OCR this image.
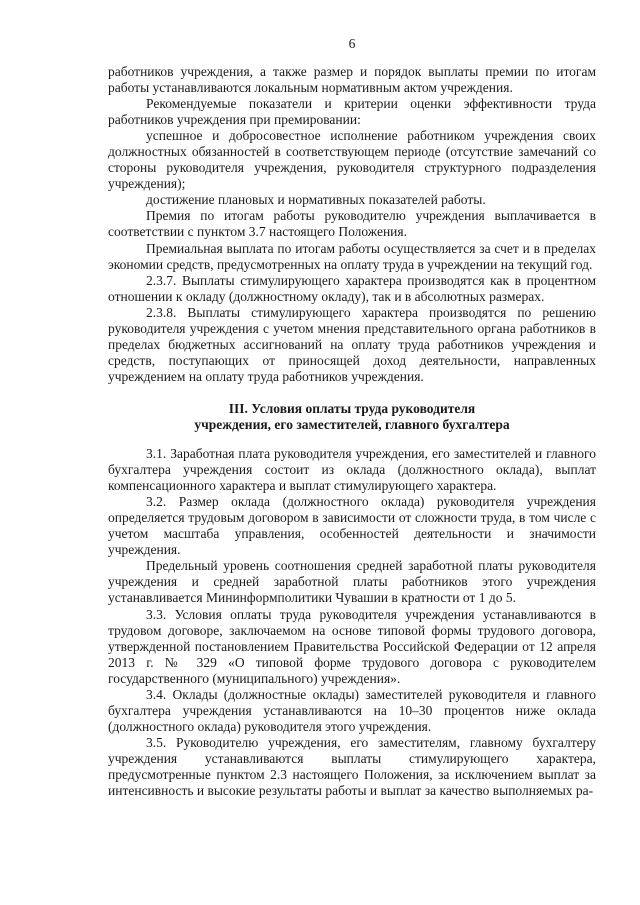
6

работников учреждения, а также размер и порядок выплаты премии по итогам работы устанавливаются локальным нормативным актом учреждения.

Рекомендуемые показатели и критерии оценки эффективности труда работников учреждения при премировании:

успешное и добросовестное исполнение работником учреждения своих должностных обязанностей в соответствующем периоде (отсутствие замечаний со стороны руководителя учреждения, руководителя структурного подразделения учреждения);

достижение плановых и нормативных показателей работы.

Премия по итогам работы руководителю учреждения выплачивается в соответствии с пунктом 3.7 настоящего Положения.

Премиальная выплата по итогам работы осуществляется за счет и в пределах экономии средств, предусмотренных на оплату труда в учреждении на текущий год.

2.3.7. Выплаты стимулирующего характера производятся как в процентном отношении к окладу (должностному окладу), так и в абсолютных размерах.

2.3.8. Выплаты стимулирующего характера производятся по решению руководителя учреждения с учетом мнения представительного органа работников в пределах бюджетных ассигнований на оплату труда работников учреждения и средств, поступающих от приносящей доход деятельности, направленных учреждением на оплату труда работников учреждения.

III. Условия оплаты труда руководителя
учреждения, его заместителей, главного бухгалтера

3.1. Заработная плата руководителя учреждения, его заместителей и главного бухгалтера учреждения состоит из оклада (должностного оклада), выплат компенсационного характера и выплат стимулирующего характера.

3.2. Размер оклада (должностного оклада) руководителя учреждения определяется трудовым договором в зависимости от сложности труда, в том числе с учетом масштаба управления, особенностей деятельности и значимости учреждения.

Предельный уровень соотношения средней заработной платы руководителя учреждения и средней заработной платы работников этого учреждения устанавливается Мининформполитики Чувашии в кратности от 1 до 5.

3.3. Условия оплаты труда руководителя учреждения устанавливаются в трудовом договоре, заключаемом на основе типовой формы трудового договора, утвержденной постановлением Правительства Российской Федерации от 12 апреля 2013 г. № 329 «О типовой форме трудового договора с руководителем государственного (муниципального) учреждения».

3.4. Оклады (должностные оклады) заместителей руководителя и главного бухгалтера учреждения устанавливаются на 10–30 процентов ниже оклада (должностного оклада) руководителя этого учреждения.

3.5. Руководителю учреждения, его заместителям, главному бухгалтеру учреждения устанавливаются выплаты стимулирующего характера, предусмотренные пунктом 2.3 настоящего Положения, за исключением выплат за интенсивность и высокие результаты работы и выплат за качество выполняемых ра-
